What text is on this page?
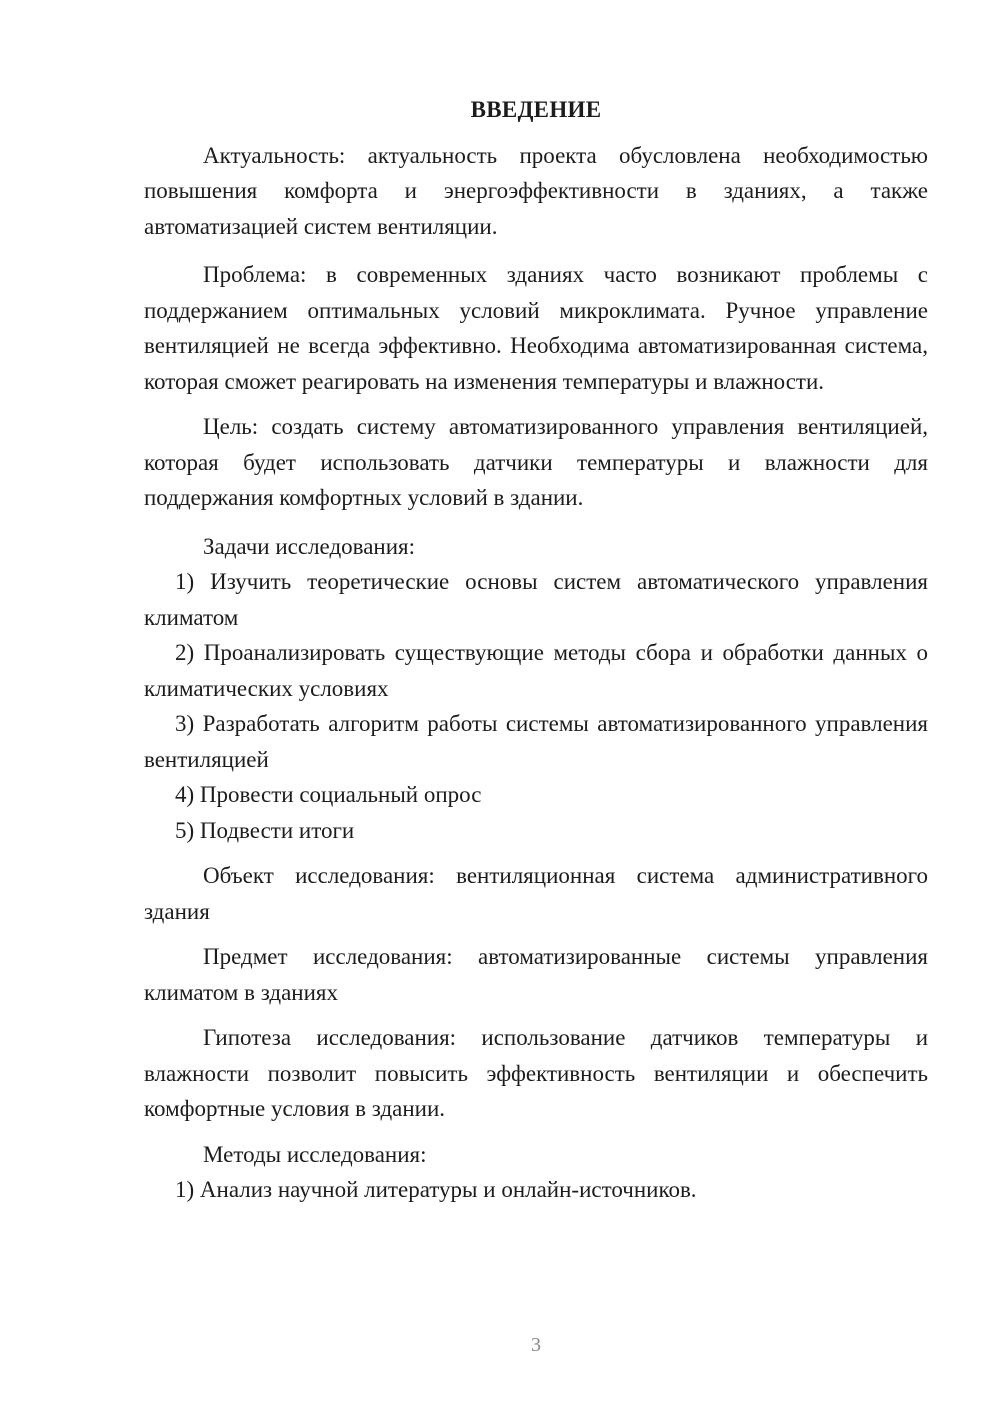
ВВЕДЕНИЕ

Актуальность: актуальность проекта обусловлена необходимостью повышения комфорта и энергоэффективности в зданиях, а также автоматизацией систем вентиляции.

Проблема: в современных зданиях часто возникают проблемы с поддержанием оптимальных условий микроклимата. Ручное управление вентиляцией не всегда эффективно. Необходима автоматизированная система, которая сможет реагировать на изменения температуры и влажности.

Цель: создать систему автоматизированного управления вентиляцией, которая будет использовать датчики температуры и влажности для поддержания комфортных условий в здании.

Задачи исследования:

1) Изучить теоретические основы систем автоматического управления климатом

2) Проанализировать существующие методы сбора и обработки данных о климатических условиях

3) Разработать алгоритм работы системы автоматизированного управления вентиляцией

4) Провести социальный опрос

5) Подвести итоги

Объект исследования: вентиляционная система административного здания

Предмет исследования: автоматизированные системы управления климатом в зданиях

Гипотеза исследования: использование датчиков температуры и влажности позволит повысить эффективность вентиляции и обеспечить комфортные условия в здании.

Методы исследования:

1) Анализ научной литературы и онлайн-источников.

3
